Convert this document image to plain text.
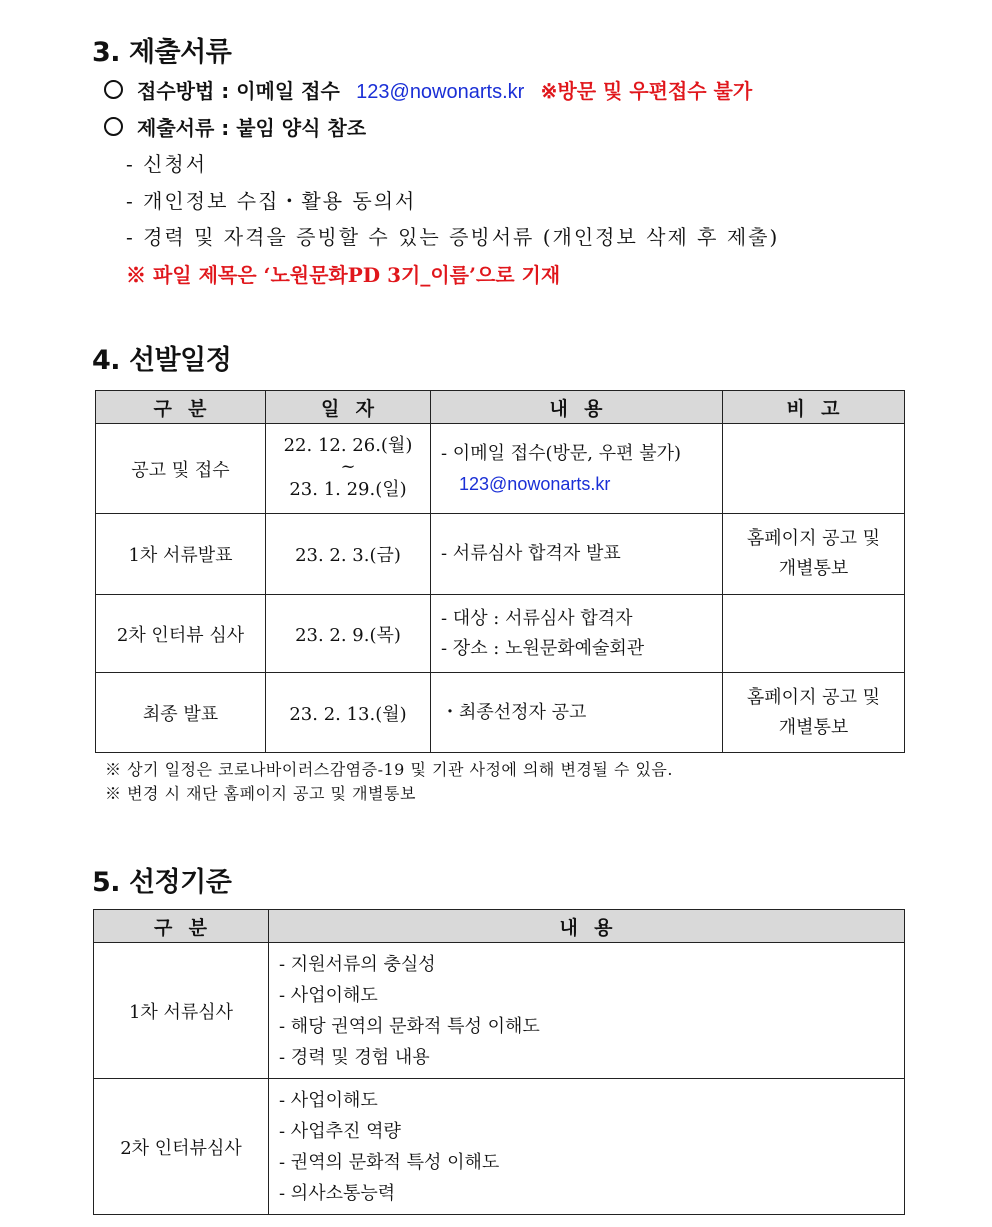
3. 제출서류
접수방법 : 이메일 접수 123@nowonarts.kr ※방문 및 우편접수 불가
제출서류 : 붙임 양식 참조
- 신청서
- 개인정보 수집・활용 동의서
- 경력 및 자격을 증빙할 수 있는 증빙서류 (개인정보 삭제 후 제출)
※ 파일 제목은 ‘노원문화PD 3기_이름’으로 기재
4. 선발일정
구  분	일  자	내  용	비  고
공고 및 접수	22. 12. 26.(월)
~
23. 1. 29.(일)	- 이메일 접수(방문, 우편 불가)
123@nowonarts.kr	

1차 서류발표	23. 2. 3.(금)	- 서류심사 합격자 발표	홈페이지 공고 및
개별통보

2차 인터뷰 심사	23. 2. 9.(목)	- 대상 : 서류심사 합격자
- 장소 : 노원문화예술회관	

최종 발표	23. 2. 13.(월)	・최종선정자 공고	홈페이지 공고 및
개별통보
※ 상기 일정은 코로나바이러스감염증-19 및 기관 사정에 의해 변경될 수 있음.
※ 변경 시 재단 홈페이지 공고 및 개별통보
5. 선정기준
구  분	내  용
1차 서류심사	- 지원서류의 충실성
- 사업이해도
- 해당 권역의 문화적 특성 이해도
- 경력 및 경험 내용

2차 인터뷰심사	- 사업이해도
- 사업추진 역량
- 권역의 문화적 특성 이해도
- 의사소통능력
